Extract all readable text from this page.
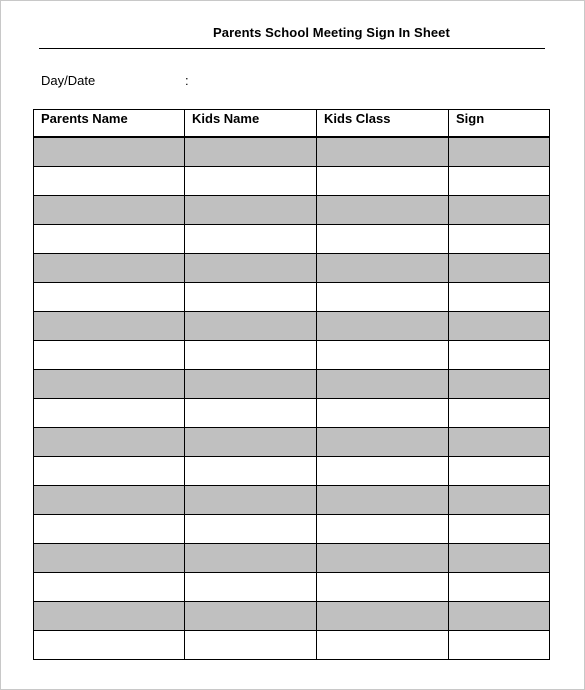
Parents School Meeting Sign In Sheet
Day/Date	:
Parents Name	Kids Name	Kids Class	Sign
